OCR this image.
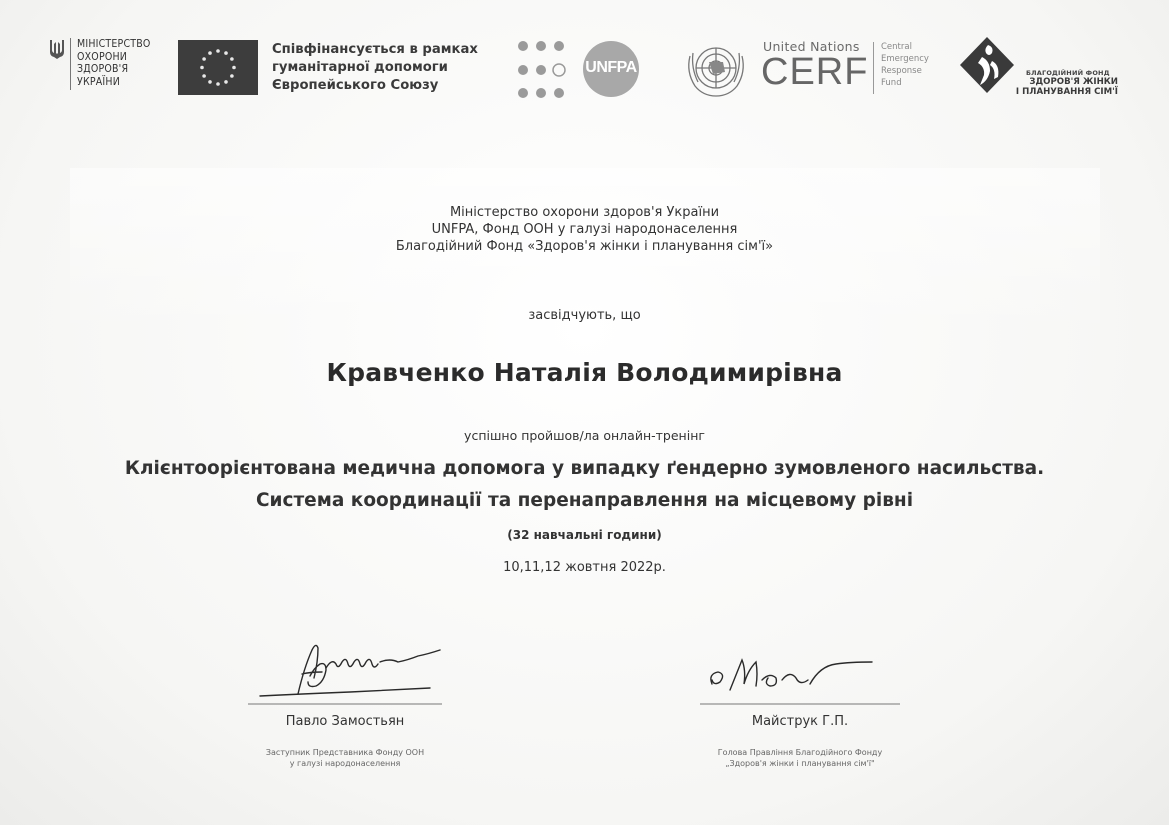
МІНІСТЕРСТВО
ОХОРОНИ
ЗДОРОВ'Я
УКРАЇНИ
Співфінансується в рамках
гуманітарної допомоги
Європейського Союзу
UNFPA
United Nations
CERF
Central
Emergency
Response
Fund
БЛАГОДІЙНИЙ ФОНД
ЗДОРОВ'Я ЖІНКИ
І ПЛАНУВАННЯ СІМ'Ї
Міністерство охорони здоров'я України
UNFPA, Фонд ООН у галузі народонаселення
Благодійний Фонд «Здоров'я жінки і планування сім'ї»
засвідчують, що
Кравченко Наталія Володимирівна
успішно пройшов/ла онлайн-тренінг
Клієнтоорієнтована медична допомога у випадку ґендерно зумовленого насильства.
Система координації та перенаправлення на місцевому рівні
(32 навчальні години)
10,11,12 жовтня 2022р.
Павло Замостьян
Заступник Представника Фонду ООН
у галузі народонаселення
Майструк Г.П.
Голова Правління Благодійного Фонду
„Здоров'я жінки і планування сім'ї"
